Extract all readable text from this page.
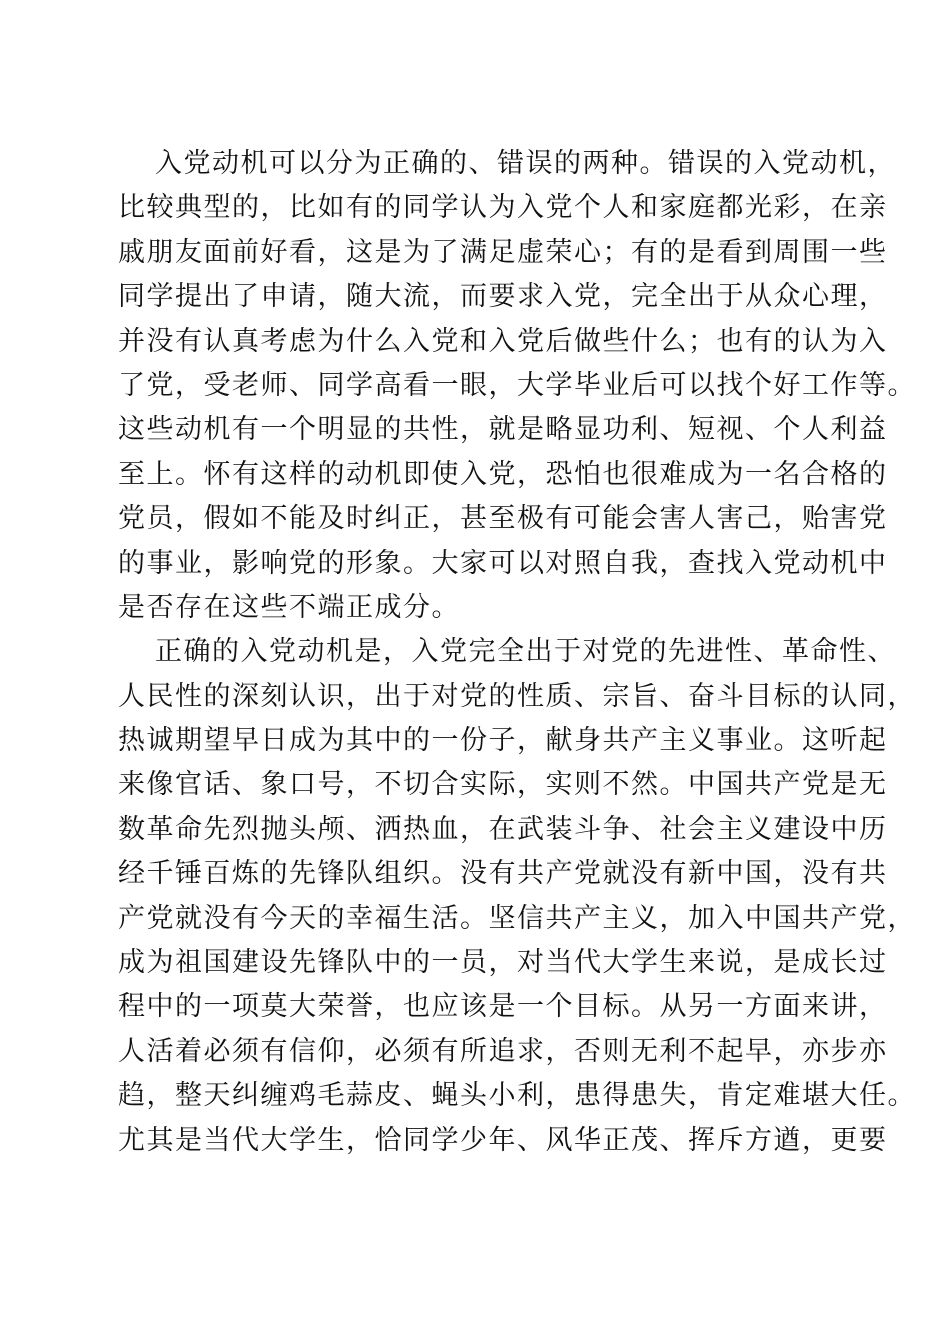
入党动机可以分为正确的、错误的两种。错误的入党动机，
比较典型的，比如有的同学认为入党个人和家庭都光彩，在亲
戚朋友面前好看，这是为了满足虚荣心；有的是看到周围一些
同学提出了申请，随大流，而要求入党，完全出于从众心理，
并没有认真考虑为什么入党和入党后做些什么；也有的认为入
了党，受老师、同学高看一眼，大学毕业后可以找个好工作等。
这些动机有一个明显的共性，就是略显功利、短视、个人利益
至上。怀有这样的动机即使入党，恐怕也很难成为一名合格的
党员，假如不能及时纠正，甚至极有可能会害人害己，贻害党
的事业，影响党的形象。大家可以对照自我，查找入党动机中
是否存在这些不端正成分。
正确的入党动机是，入党完全出于对党的先进性、革命性、
人民性的深刻认识，出于对党的性质、宗旨、奋斗目标的认同，
热诚期望早日成为其中的一份子，献身共产主义事业。这听起
来像官话、象口号，不切合实际，实则不然。中国共产党是无
数革命先烈抛头颅、洒热血，在武装斗争、社会主义建设中历
经千锤百炼的先锋队组织。没有共产党就没有新中国，没有共
产党就没有今天的幸福生活。坚信共产主义，加入中国共产党，
成为祖国建设先锋队中的一员，对当代大学生来说，是成长过
程中的一项莫大荣誉，也应该是一个目标。从另一方面来讲，
人活着必须有信仰，必须有所追求，否则无利不起早，亦步亦
趋，整天纠缠鸡毛蒜皮、蝇头小利，患得患失，肯定难堪大任。
尤其是当代大学生，恰同学少年、风华正茂、挥斥方遒，更要
